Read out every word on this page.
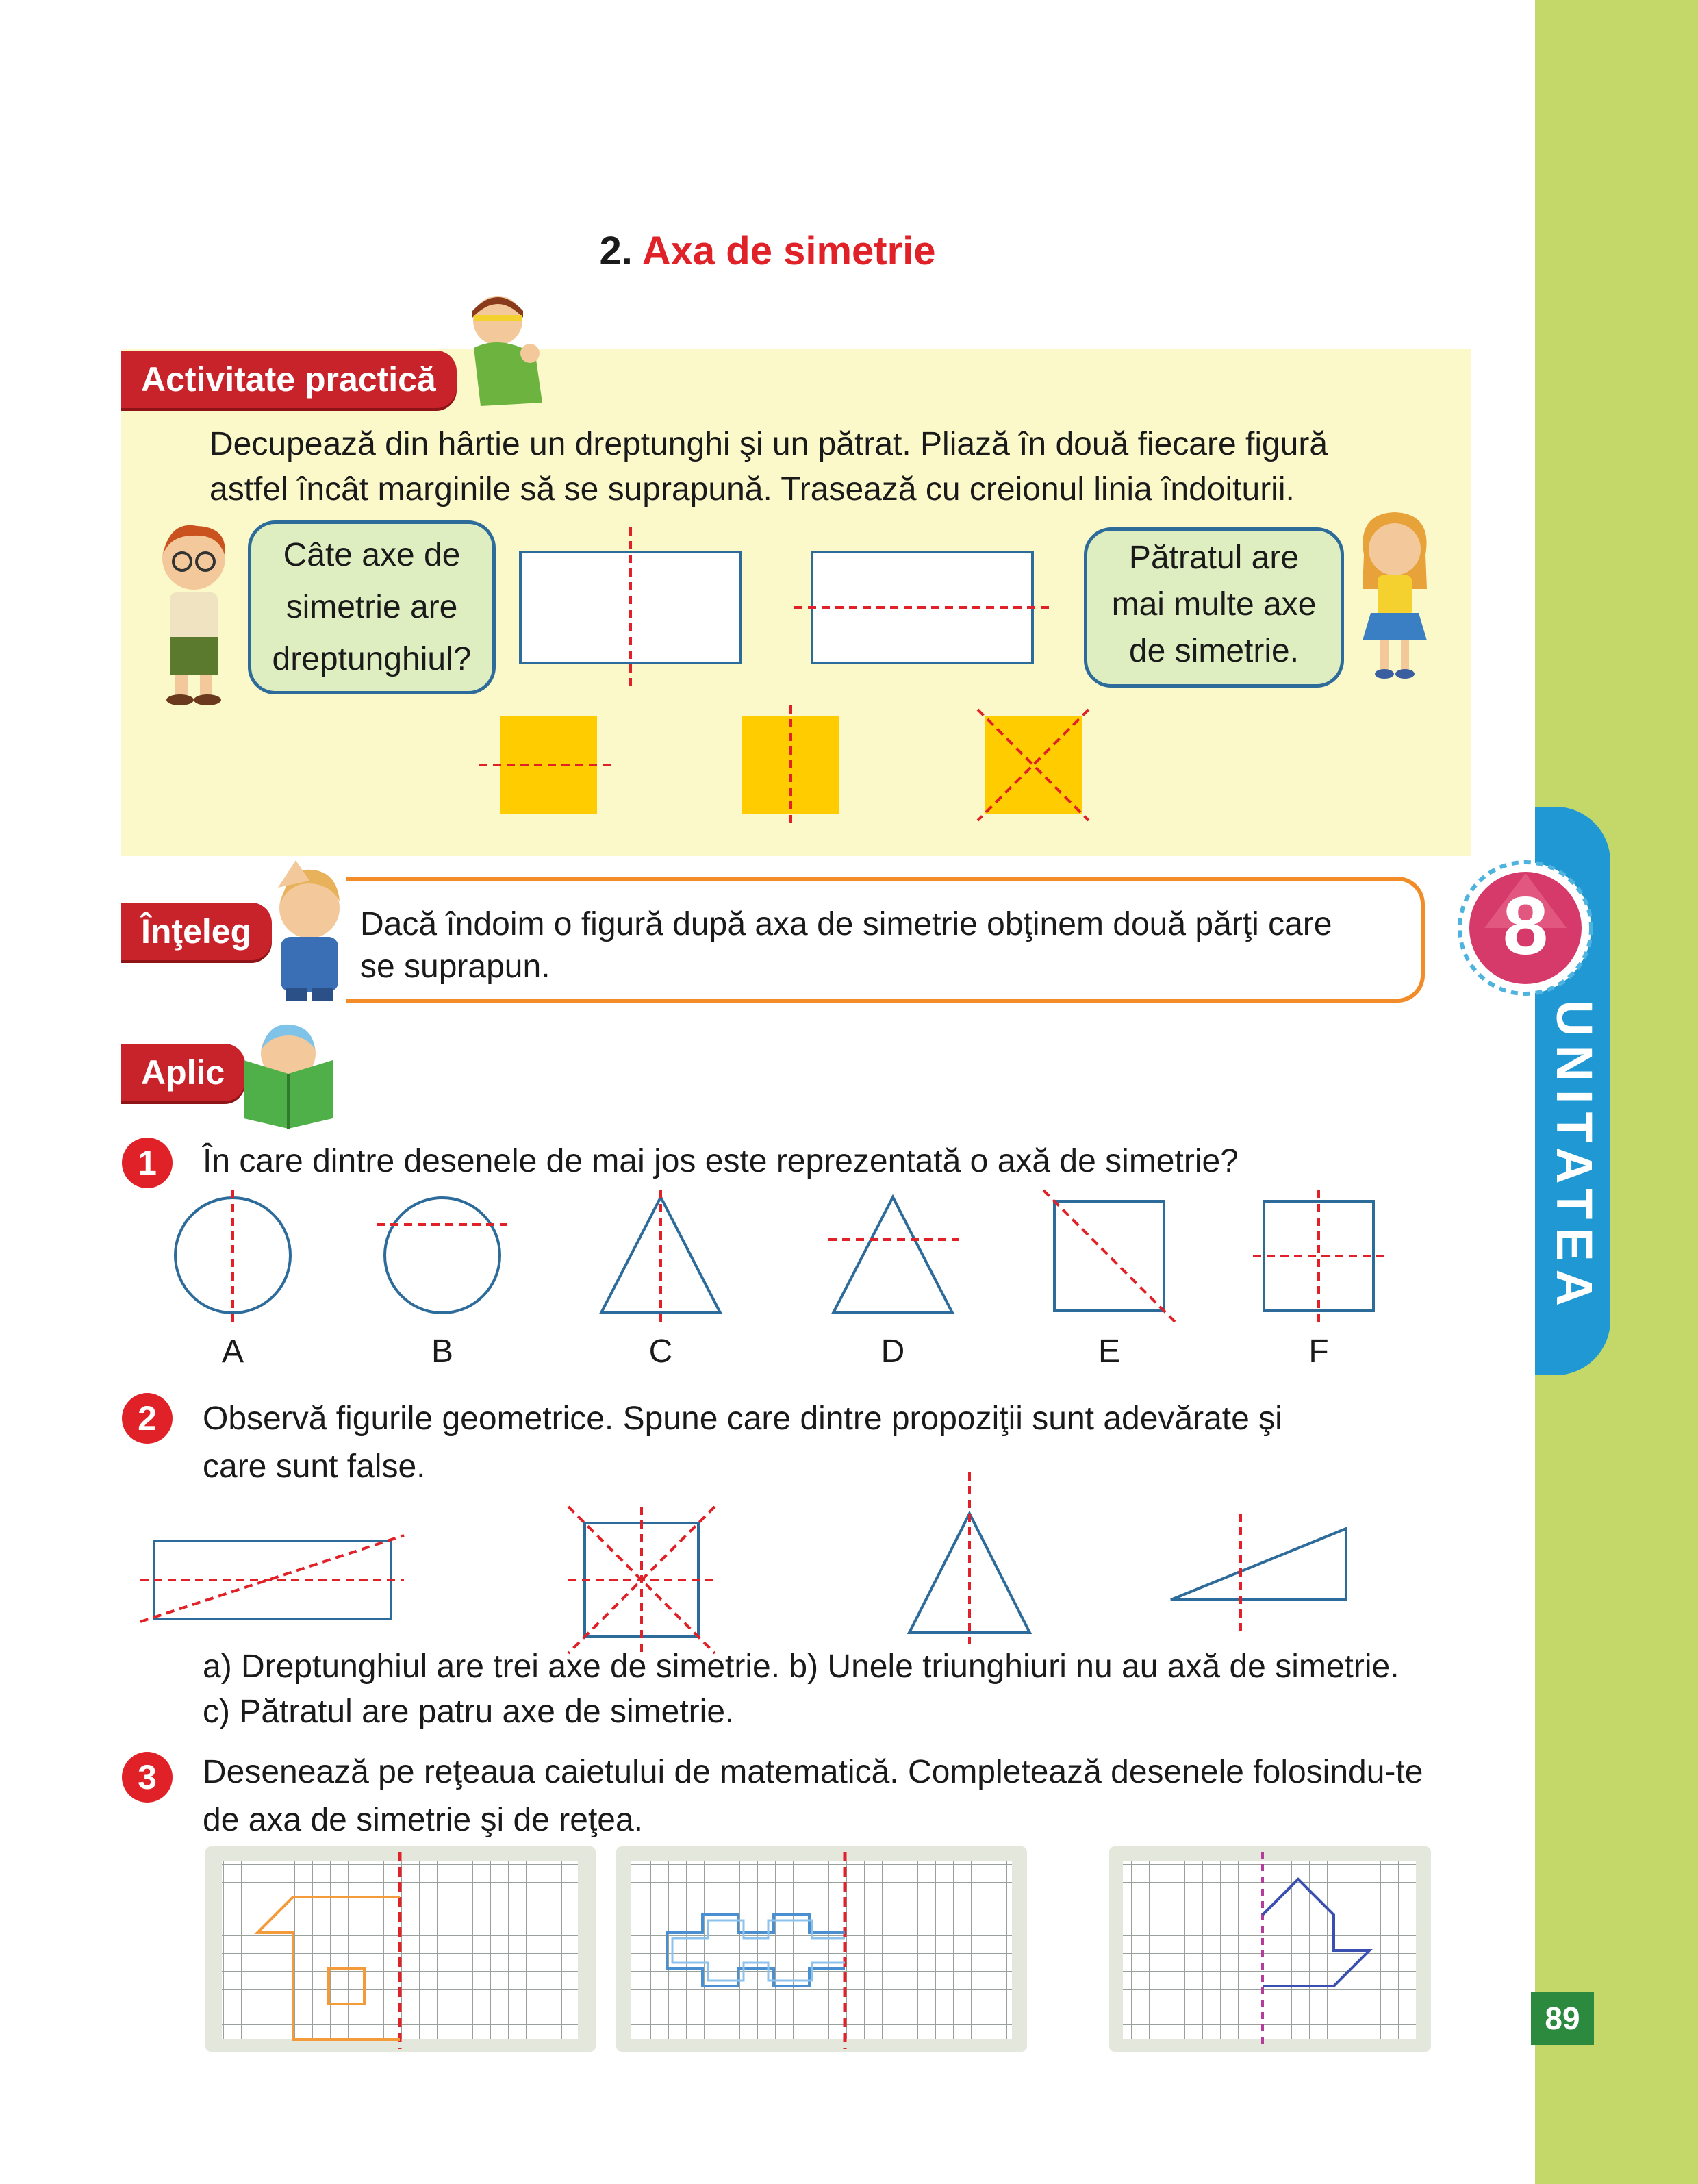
UNITATEA
8
89
2. Axa de simetrie
Activitate practică
Decupează din hârtie un dreptunghi şi un pătrat. Pliază în două fiecare figură
astfel încât marginile să se suprapună. Trasează cu creionul linia îndoiturii.
Câte axe de
simetrie are
dreptunghiul?
Pătratul are
mai multe axe
de simetrie.
Înţeleg	Dacă îndoim o figură după axa de simetrie obţinem două părţi care
se suprapun.
Aplic
1	În care dintre desenele de mai jos este reprezentată o axă de simetrie?
A	B	C	D	E	F
2	Observă figurile geometrice. Spune care dintre propoziţii sunt adevărate şi
care sunt false.
a) Dreptunghiul are trei axe de simetrie. b) Unele triunghiuri nu au axă de simetrie.
c) Pătratul are patru axe de simetrie.
3	Desenează pe reţeaua caietului de matematică. Completează desenele folosindu-te
de axa de simetrie şi de reţea.
